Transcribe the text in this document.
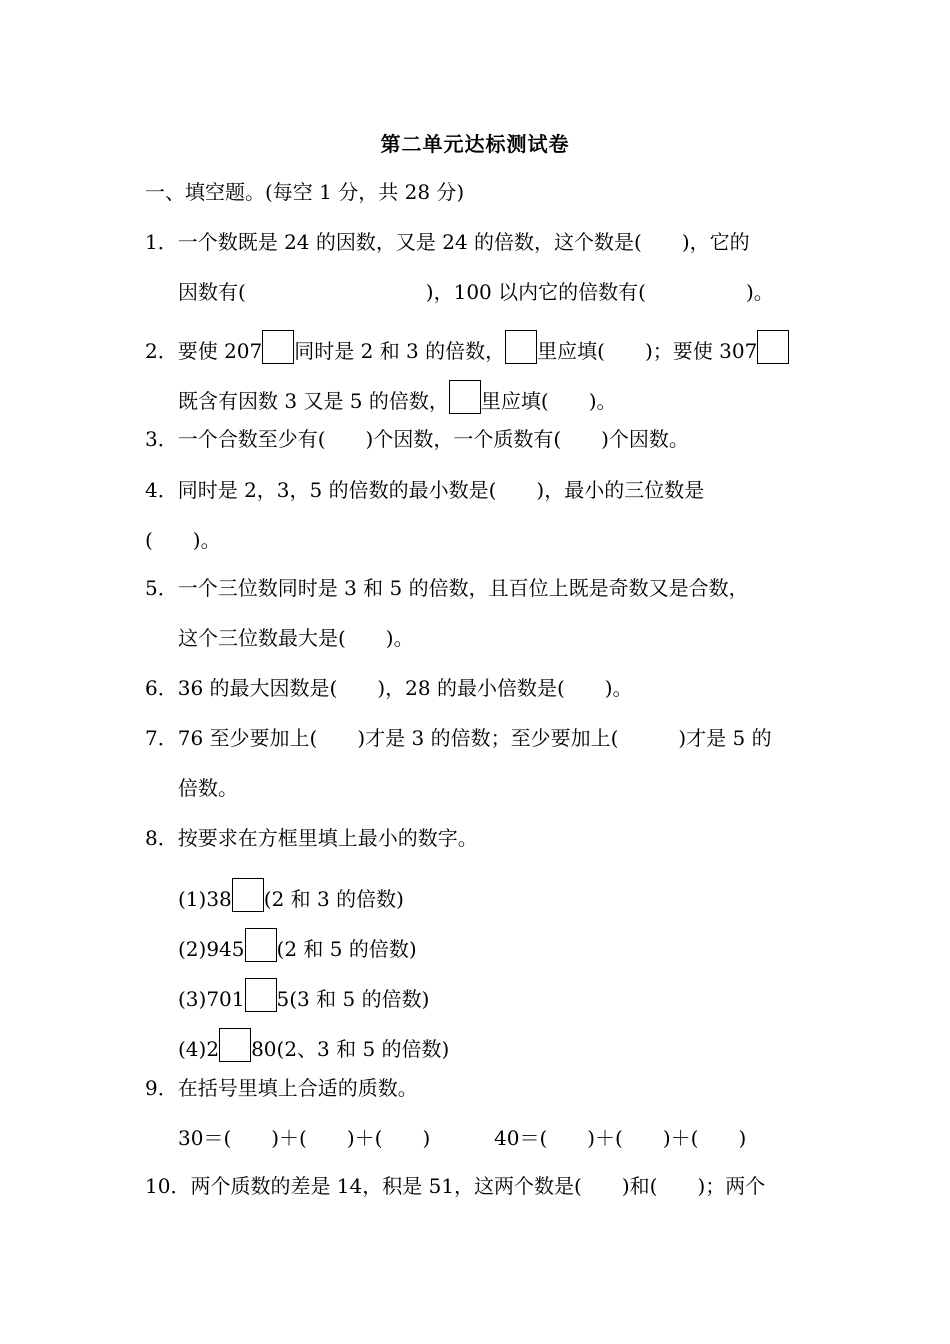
第二单元达标测试卷
一、填空题。(每空 1 分，共 28 分)
1．一个数既是 24 的因数，又是 24 的倍数，这个数是(　　)，它的
因数有(　　　　　　　　　)，100 以内它的倍数有(　　　　　)。
2．要使 207 同时是 2 和 3 的倍数， 里应填(　　)；要使 307
既含有因数 3 又是 5 的倍数， 里应填(　　)。
3．一个合数至少有(　　)个因数，一个质数有(　　)个因数。
4．同时是 2，3，5 的倍数的最小数是(　　)，最小的三位数是
(　　)。
5．一个三位数同时是 3 和 5 的倍数，且百位上既是奇数又是合数，
这个三位数最大是(　　)。
6．36 的最大因数是(　　)，28 的最小倍数是(　　)。
7．76 至少要加上(　　)才是 3 的倍数；至少要加上(　　　)才是 5 的
倍数。
8．按要求在方框里填上最小的数字。
(1)38 (2 和 3 的倍数)
(2)945 (2 和 5 的倍数)
(3)701 5(3 和 5 的倍数)
(4)2 80(2、3 和 5 的倍数)
9．在括号里填上合适的质数。
30＝(　　)＋(　　)＋(　　)	40＝(　　)＋(　　)＋(　　)
10．两个质数的差是 14，积是 51，这两个数是(　　)和(　　)；两个
